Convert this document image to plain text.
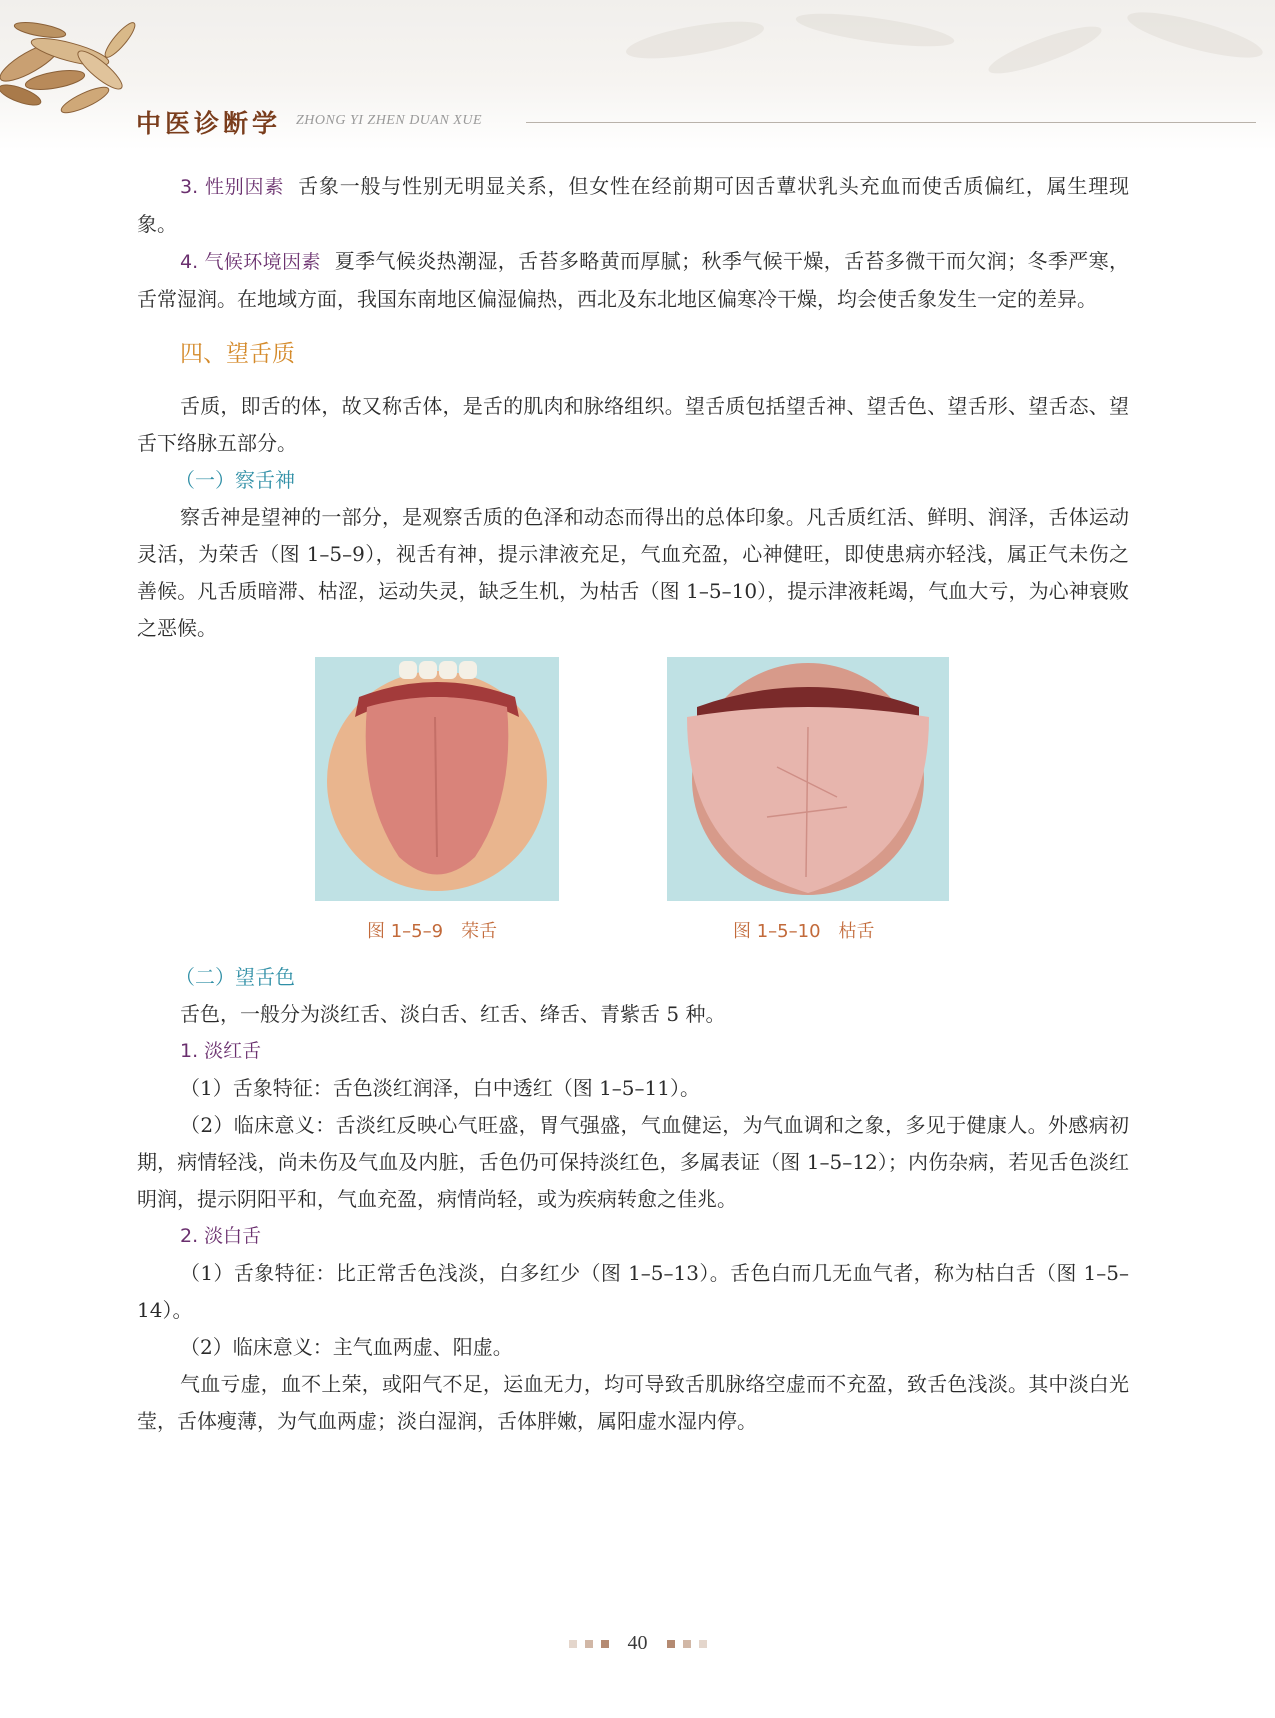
中医诊断学 ZHONG YI ZHEN DUAN XUE

3. 性别因素 舌象一般与性别无明显关系，但女性在经前期可因舌蕈状乳头充血而使舌质偏红，属生理现象。

4. 气候环境因素 夏季气候炎热潮湿，舌苔多略黄而厚腻；秋季气候干燥，舌苔多微干而欠润；冬季严寒，舌常湿润。在地域方面，我国东南地区偏湿偏热，西北及东北地区偏寒冷干燥，均会使舌象发生一定的差异。

四、望舌质

舌质，即舌的体，故又称舌体，是舌的肌肉和脉络组织。望舌质包括望舌神、望舌色、望舌形、望舌态、望舌下络脉五部分。

（一）察舌神

察舌神是望神的一部分，是观察舌质的色泽和动态而得出的总体印象。凡舌质红活、鲜明、润泽，舌体运动灵活，为荣舌（图 1–5–9），视舌有神，提示津液充足，气血充盈，心神健旺，即使患病亦轻浅，属正气未伤之善候。凡舌质暗滞、枯涩，运动失灵，缺乏生机，为枯舌（图 1–5–10），提示津液耗竭，气血大亏，为心神衰败之恶候。

图 1–5–9　荣舌	图 1–5–10　枯舌
（二）望舌色

舌色，一般分为淡红舌、淡白舌、红舌、绛舌、青紫舌 5 种。

1. 淡红舌

（1）舌象特征：舌色淡红润泽，白中透红（图 1–5–11）。

（2）临床意义：舌淡红反映心气旺盛，胃气强盛，气血健运，为气血调和之象，多见于健康人。外感病初期，病情轻浅，尚未伤及气血及内脏，舌色仍可保持淡红色，多属表证（图 1–5–12）；内伤杂病，若见舌色淡红明润，提示阴阳平和，气血充盈，病情尚轻，或为疾病转愈之佳兆。

2. 淡白舌

（1）舌象特征：比正常舌色浅淡，白多红少（图 1–5–13）。舌色白而几无血气者，称为枯白舌（图 1–5–14）。

（2）临床意义：主气血两虚、阳虚。

气血亏虚，血不上荣，或阳气不足，运血无力，均可导致舌肌脉络空虚而不充盈，致舌色浅淡。其中淡白光莹，舌体瘦薄，为气血两虚；淡白湿润，舌体胖嫩，属阳虚水湿内停。

40
